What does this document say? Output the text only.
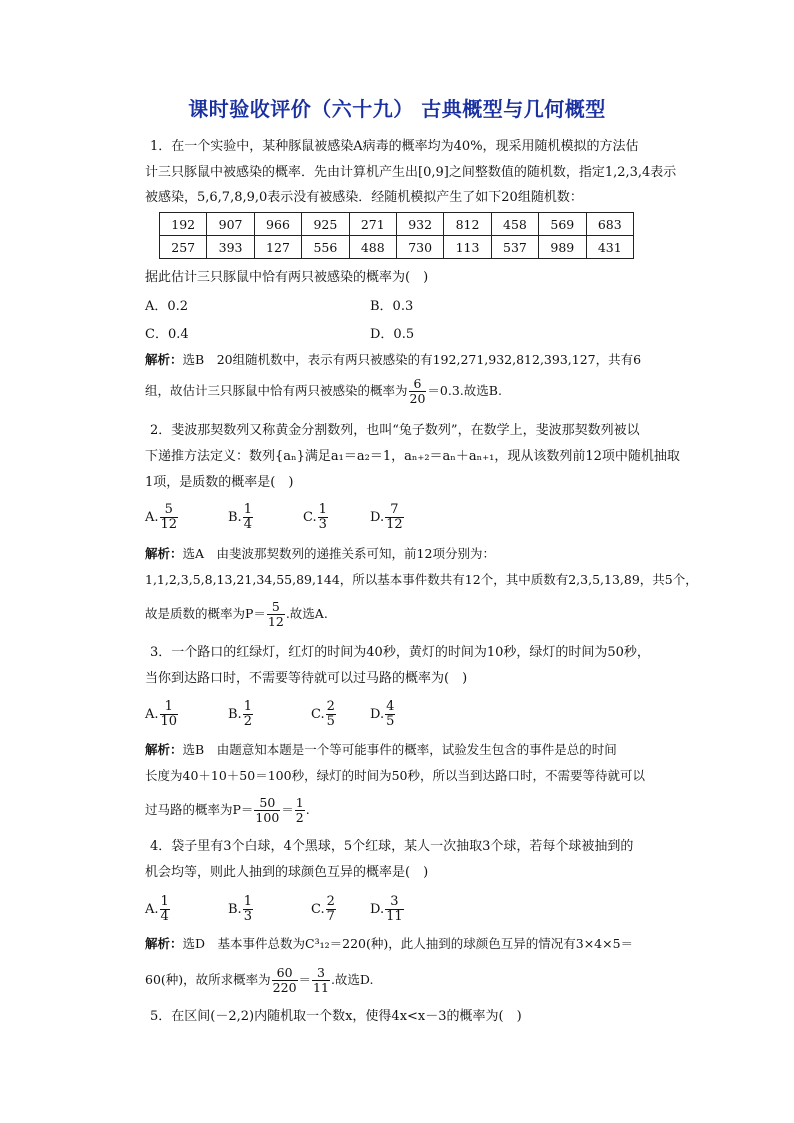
课时验收评价（六十九） 古典概型与几何概型
1．在一个实验中，某种豚鼠被感染A病毒的概率均为40%，现采用随机模拟的方法估
计三只豚鼠中被感染的概率．先由计算机产生出[0,9]之间整数值的随机数，指定1,2,3,4表示
被感染，5,6,7,8,9,0表示没有被感染．经随机模拟产生了如下20组随机数：
192	907	966	925	271	932	812	458	569	683
257	393	127	556	488	730	113	537	989	431
据此估计三只豚鼠中恰有两只被感染的概率为(　)
A．0.2	B．0.3
C．0.4	D．0.5
解析：选B　20组随机数中，表示有两只被感染的有192,271,932,812,393,127，共有6
组，故估计三只豚鼠中恰有两只被感染的概率为 $\frac{6}{20} =0.3$.故选B.
2．斐波那契数列又称黄金分割数列，也叫“兔子数列”，在数学上，斐波那契数列被以
下递推方法定义：数列{aₙ}满足a₁＝a₂＝1，aₙ₊₂＝aₙ＋aₙ₊₁，现从该数列前12项中随机抽取
1项，是质数的概率是(　)
A. $\frac{5}{12}$	B. $\frac{1}{4}$	C. $\frac{1}{3}$	D. $\frac{7}{12}$
解析：选A　由斐波那契数列的递推关系可知，前12项分别为：
1,1,2,3,5,8,13,21,34,55,89,144，所以基本事件数共有12个，其中质数有2,3,5,13,89，共5个，
故是质数的概率为$P= \frac{5}{12}$ .故选A.
3．一个路口的红绿灯，红灯的时间为40秒，黄灯的时间为10秒，绿灯的时间为50秒，
当你到达路口时，不需要等待就可以过马路的概率为(　)
A. $\frac{1}{10}$	B. $\frac{1}{2}$	C. $\frac{2}{5}$	D. $\frac{4}{5}$
解析：选B　由题意知本题是一个等可能事件的概率，试验发生包含的事件是总的时间
长度为40＋10＋50＝100秒，绿灯的时间为50秒，所以当到达路口时，不需要等待就可以
过马路的概率为$P= \frac{50}{100} = \frac{1}{2}$ .
4．袋子里有3个白球，4个黑球，5个红球，某人一次抽取3个球，若每个球被抽到的
机会均等，则此人抽到的球颜色互异的概率是(　)
A. $\frac{1}{4}$	B. $\frac{1}{3}$	C. $\frac{2}{7}$	D. $\frac{3}{11}$
解析：选D　基本事件总数为C³₁₂＝220(种)，此人抽到的球颜色互异的情况有3×4×5＝
60(种)，故所求概率为 $\frac{60}{220} = \frac{3}{11}$ .故选D.
5．在区间(－2,2)内随机取一个数x，使得4x<x－3的概率为(　)
